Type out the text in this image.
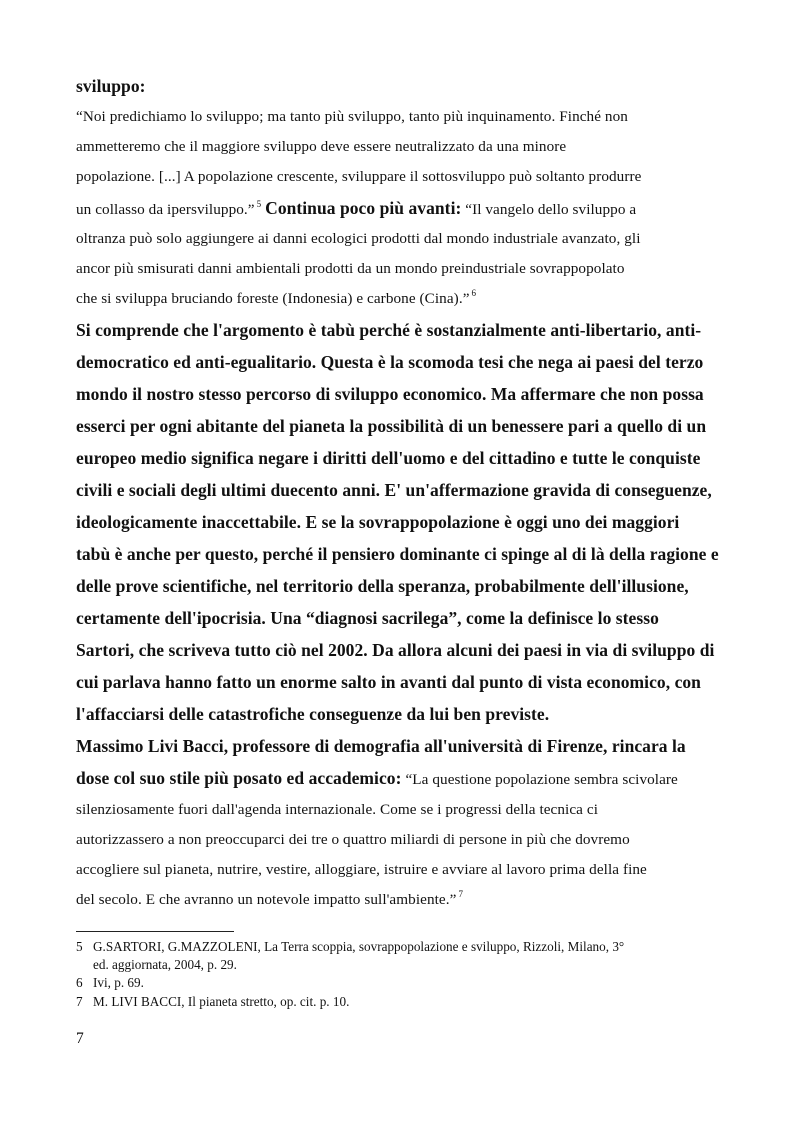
sviluppo:
“Noi predichiamo lo sviluppo; ma tanto più sviluppo, tanto più inquinamento. Finché non
ammetteremo che il maggiore sviluppo deve essere neutralizzato da una minore
popolazione. [...] A popolazione crescente, sviluppare il sottosviluppo può soltanto produrre
un collasso da ipersviluppo.” $^5$ Continua poco più avanti: “Il vangelo dello sviluppo a
oltranza può solo aggiungere ai danni ecologici prodotti dal mondo industriale avanzato, gli
ancor più smisurati danni ambientali prodotti da un mondo preindustriale sovrappopolato
che si sviluppa bruciando foreste (Indonesia) e carbone (Cina).” $^6$
Si comprende che l'argomento è tabù perché è sostanzialmente anti-libertario, anti-
democratico ed anti-egualitario. Questa è la scomoda tesi che nega ai paesi del terzo
mondo il nostro stesso percorso di sviluppo economico. Ma affermare che non possa
esserci per ogni abitante del pianeta la possibilità di un benessere pari a quello di un
europeo medio significa negare i diritti dell'uomo e del cittadino e tutte le conquiste
civili e sociali degli ultimi duecento anni. E' un'affermazione gravida di conseguenze,
ideologicamente inaccettabile. E se la sovrappopolazione è oggi uno dei maggiori
tabù è anche per questo, perché il pensiero dominante ci spinge al di là della ragione e
delle prove scientifiche, nel territorio della speranza, probabilmente dell'illusione,
certamente dell'ipocrisia. Una “diagnosi sacrilega”, come la definisce lo stesso
Sartori, che scriveva tutto ciò nel 2002. Da allora alcuni dei paesi in via di sviluppo di
cui parlava hanno fatto un enorme salto in avanti dal punto di vista economico, con
l'affacciarsi delle catastrofiche conseguenze da lui ben previste.
Massimo Livi Bacci, professore di demografia all'università di Firenze, rincara la
dose col suo stile più posato ed accademico: “La questione popolazione sembra scivolare
silenziosamente fuori dall'agenda internazionale. Come se i progressi della tecnica ci
autorizzassero a non preoccuparci dei tre o quattro miliardi di persone in più che dovremo
accogliere sul pianeta, nutrire, vestire, alloggiare, istruire e avviare al lavoro prima della fine
del secolo. E che avranno un notevole impatto sull'ambiente.” $^7$
5 G.SARTORI, G.MAZZOLENI, La Terra scoppia, sovrappopolazione e sviluppo, Rizzoli, Milano, 3°
ed. aggiornata, 2004, p. 29.
6 Ivi, p. 69.
7 M. LIVI BACCI, Il pianeta stretto, op. cit. p. 10.
7
